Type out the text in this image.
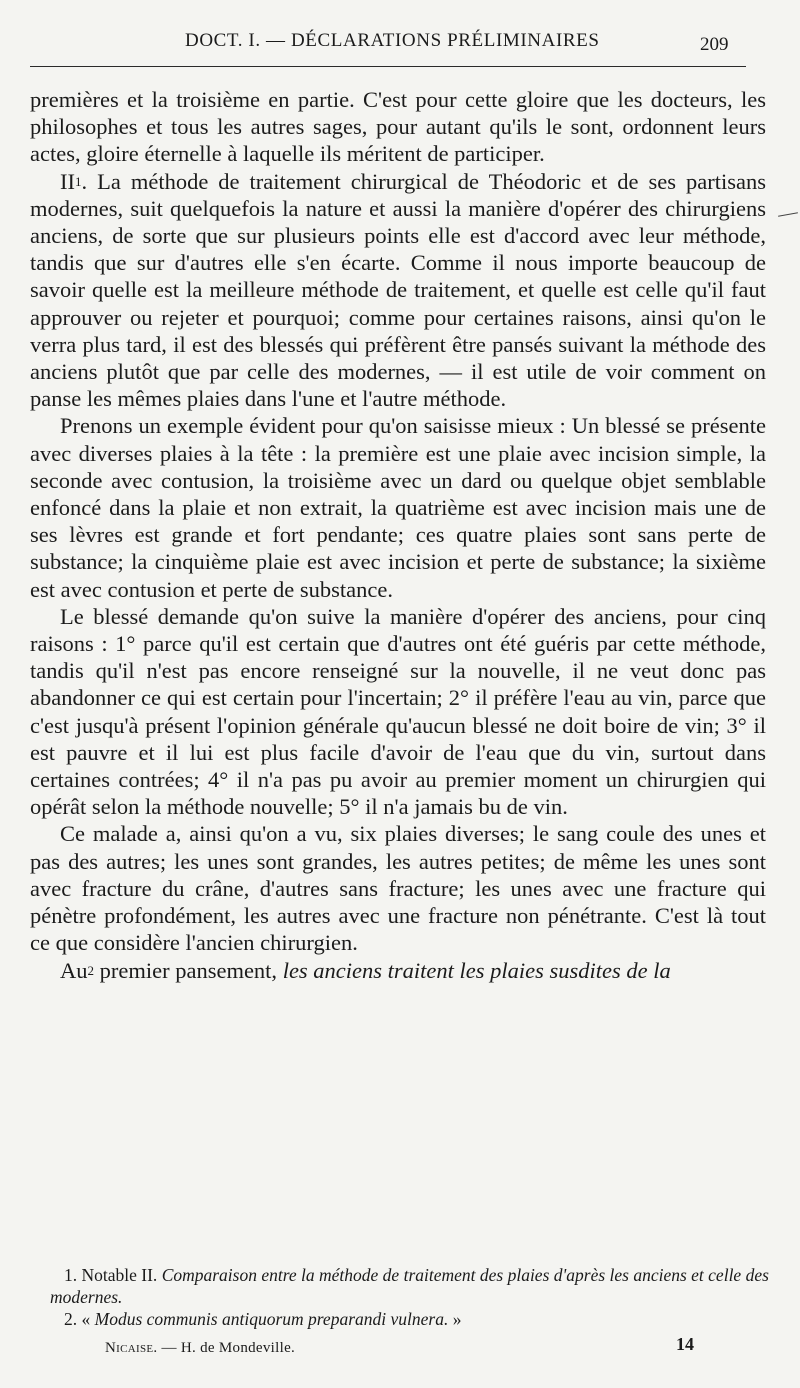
DOCT. I. — DÉCLARATIONS PRÉLIMINAIRES	209

premières et la troisième en partie. C'est pour cette gloire que les docteurs, les philosophes et tous les autres sages, pour autant qu'ils le sont, ordonnent leurs actes, gloire éternelle à laquelle ils méritent de participer.

$II^1$. La méthode de traitement chirurgical de Théodoric et de ses partisans modernes, suit quelquefois la nature et aussi la manière d'opérer des chirurgiens anciens, de sorte que sur plusieurs points elle est d'accord avec leur méthode, tandis que sur d'autres elle s'en écarte. Comme il nous importe beaucoup de savoir quelle est la meilleure méthode de traitement, et quelle est celle qu'il faut approuver ou rejeter et pourquoi; comme pour certaines raisons, ainsi qu'on le verra plus tard, il est des blessés qui préfèrent être pansés suivant la méthode des anciens plutôt que par celle des modernes, — il est utile de voir comment on panse les mêmes plaies dans l'une et l'autre méthode.

Prenons un exemple évident pour qu'on saisisse mieux : Un blessé se présente avec diverses plaies à la tête : la première est une plaie avec incision simple, la seconde avec contusion, la troisième avec un dard ou quelque objet semblable enfoncé dans la plaie et non extrait, la quatrième est avec incision mais une de ses lèvres est grande et fort pendante; ces quatre plaies sont sans perte de substance; la cinquième plaie est avec incision et perte de substance; la sixième est avec contusion et perte de substance.

Le blessé demande qu'on suive la manière d'opérer des anciens, pour cinq raisons : 1° parce qu'il est certain que d'autres ont été guéris par cette méthode, tandis qu'il n'est pas encore renseigné sur la nouvelle, il ne veut donc pas abandonner ce qui est certain pour l'incertain; 2° il préfère l'eau au vin, parce que c'est jusqu'à présent l'opinion générale qu'aucun blessé ne doit boire de vin; 3° il est pauvre et il lui est plus facile d'avoir de l'eau que du vin, surtout dans certaines contrées; 4° il n'a pas pu avoir au premier moment un chirurgien qui opérât selon la méthode nouvelle; 5° il n'a jamais bu de vin.

Ce malade a, ainsi qu'on a vu, six plaies diverses; le sang coule des unes et pas des autres; les unes sont grandes, les autres petites; de même les unes sont avec fracture du crâne, d'autres sans fracture; les unes avec une fracture qui pénètre profondément, les autres avec une fracture non pénétrante. C'est là tout ce que considère l'ancien chirurgien.

Au$^2$ premier pansement, les anciens traitent les plaies susdites de la

1. Notable II. Comparaison entre la méthode de traitement des plaies d'après les anciens et celle des modernes.

2. « Modus communis antiquorum preparandi vulnera. »

Nicaise. — H. de Mondeville.	14
